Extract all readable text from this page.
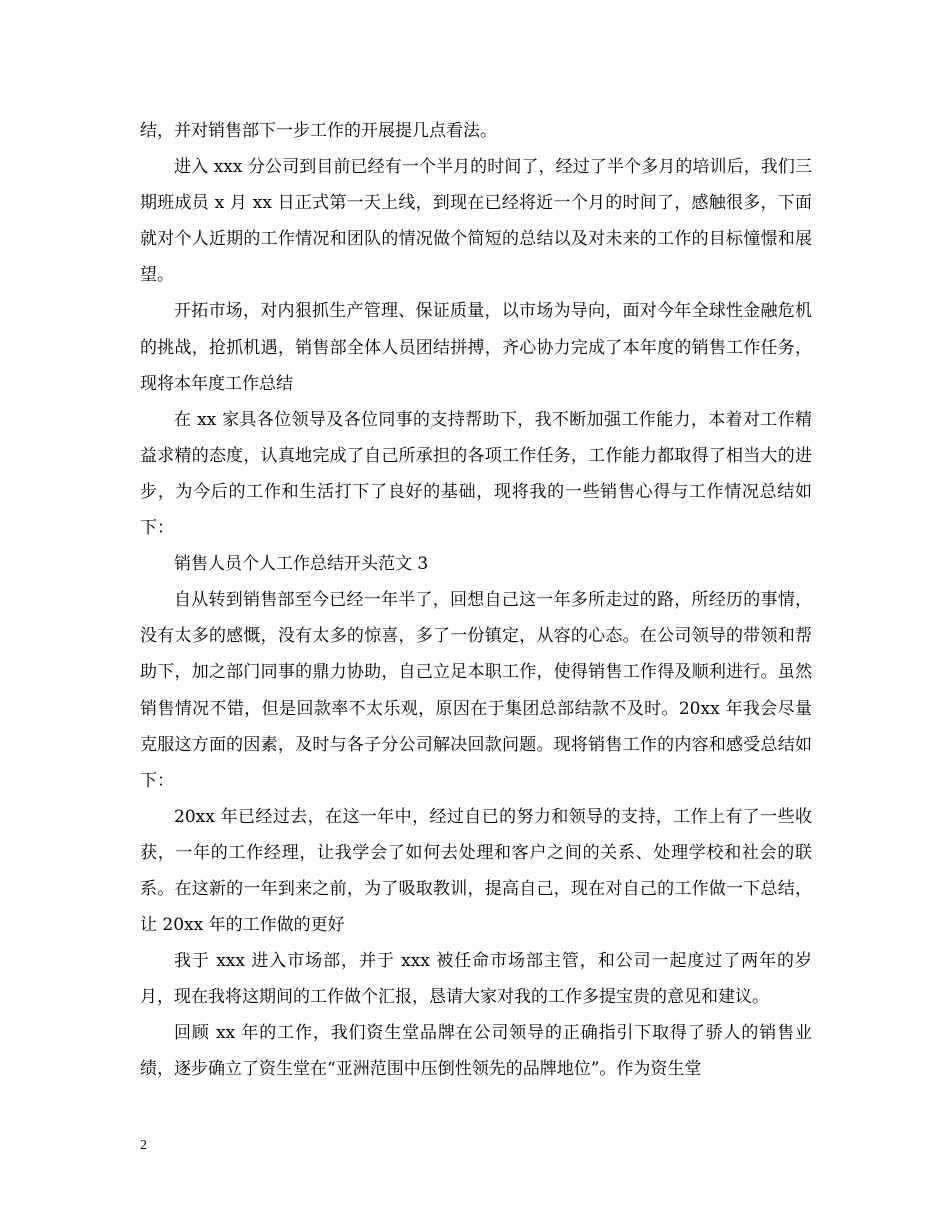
结，并对销售部下一步工作的开展提几点看法。

进入 xxx 分公司到目前已经有一个半月的时间了，经过了半个多月的培训后，我们三期班成员 x 月 xx 日正式第一天上线，到现在已经将近一个月的时间了，感触很多，下面就对个人近期的工作情况和团队的情况做个简短的总结以及对未来的工作的目标憧憬和展望。

开拓市场，对内狠抓生产管理、保证质量，以市场为导向，面对今年全球性金融危机的挑战，抢抓机遇，销售部全体人员团结拼搏，齐心协力完成了本年度的销售工作任务，现将本年度工作总结

在 xx 家具各位领导及各位同事的支持帮助下，我不断加强工作能力，本着对工作精益求精的态度，认真地完成了自己所承担的各项工作任务，工作能力都取得了相当大的进步，为今后的工作和生活打下了良好的基础，现将我的一些销售心得与工作情况总结如下：

销售人员个人工作总结开头范文 3

自从转到销售部至今已经一年半了，回想自己这一年多所走过的路，所经历的事情，没有太多的感慨，没有太多的惊喜，多了一份镇定，从容的心态。在公司领导的带领和帮助下，加之部门同事的鼎力协助，自己立足本职工作，使得销售工作得及顺利进行。虽然销售情况不错，但是回款率不太乐观，原因在于集团总部结款不及时。20xx 年我会尽量克服这方面的因素，及时与各子分公司解决回款问题。现将销售工作的内容和感受总结如下：

20xx 年已经过去，在这一年中，经过自已的努力和领导的支持，工作上有了一些收获，一年的工作经理，让我学会了如何去处理和客户之间的关系、处理学校和社会的联系。在这新的一年到来之前，为了吸取教训，提高自己，现在对自己的工作做一下总结，让 20xx 年的工作做的更好

我于 xxx 进入市场部，并于 xxx 被任命市场部主管，和公司一起度过了两年的岁月，现在我将这期间的工作做个汇报，恳请大家对我的工作多提宝贵的意见和建议。

回顾 xx 年的工作，我们资生堂品牌在公司领导的正确指引下取得了骄人的销售业绩，逐步确立了资生堂在“亚洲范围中压倒性领先的品牌地位”。作为资生堂

2
